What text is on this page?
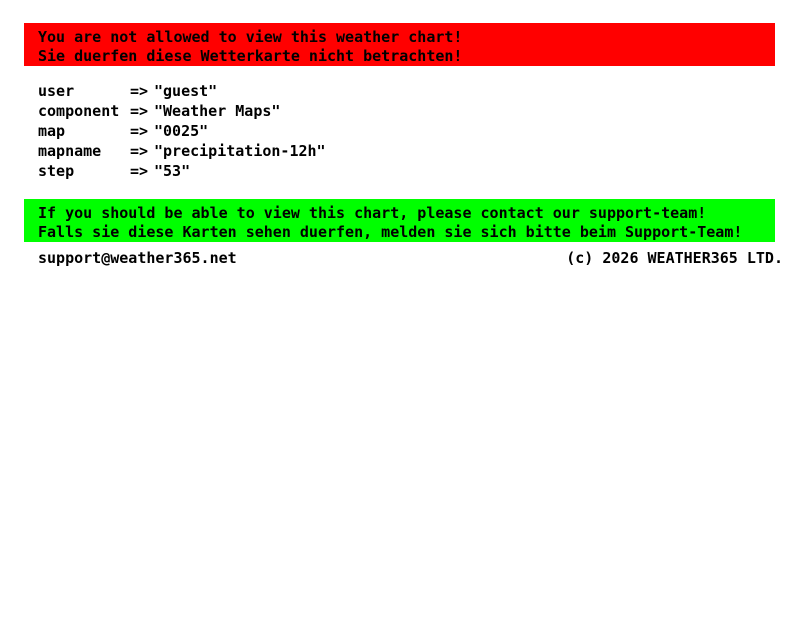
You are not allowed to view this weather chart!
Sie duerfen diese Wetterkarte nicht betrachten!
user	=> "guest"
component => "Weather Maps"
map	=> "0025"
mapname	=> "precipitation-12h"
step	=> "53"
If you should be able to view this chart, please contact our support-team!
Falls sie diese Karten sehen duerfen, melden sie sich bitte beim Support-Team!
support@weather365.net	(c) 2026 WEATHER365 LTD.
